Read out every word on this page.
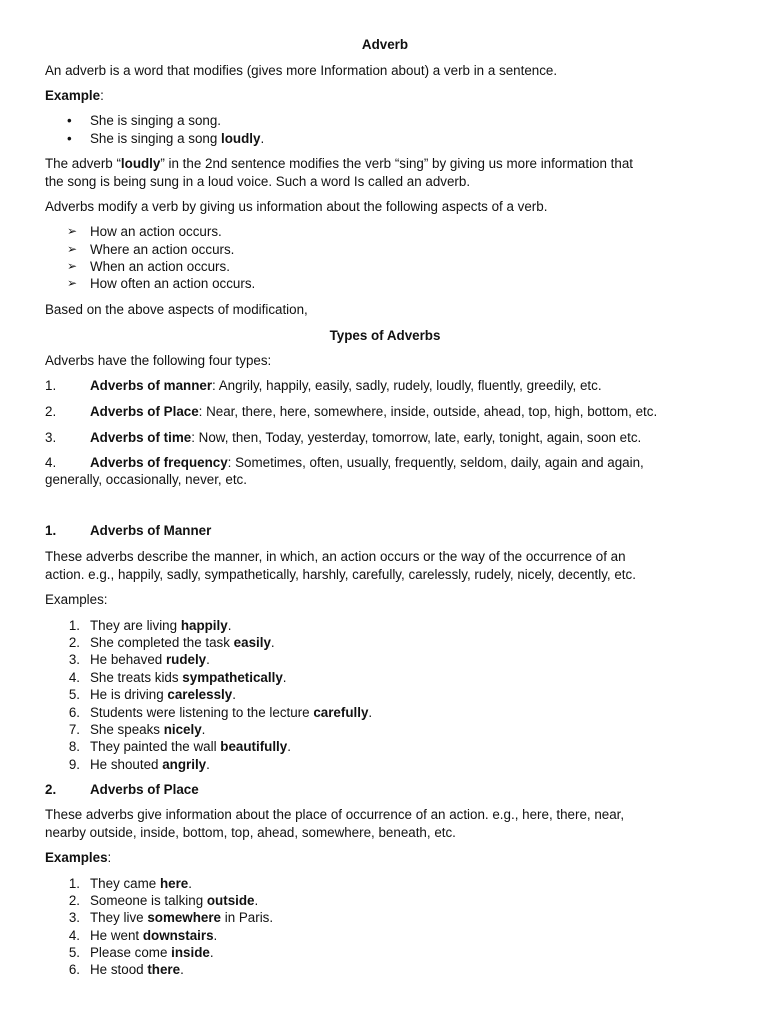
Adverb
An adverb is a word that modifies (gives more Information about) a verb in a sentence.
Example:
• She is singing a song.
• She is singing a song loudly.
The adverb “loudly” in the 2nd sentence modifies the verb “sing” by giving us more information that
the song is being sung in a loud voice. Such a word Is called an adverb.
Adverbs modify a verb by giving us information about the following aspects of a verb.
➢ How an action occurs.
➢ Where an action occurs.
➢ When an action occurs.
➢ How often an action occurs.
Based on the above aspects of modification,
Types of Adverbs
Adverbs have the following four types:
1.	Adverbs of manner: Angrily, happily, easily, sadly, rudely, loudly, fluently, greedily, etc.
2.	Adverbs of Place: Near, there, here, somewhere, inside, outside, ahead, top, high, bottom, etc.
3.	Adverbs of time: Now, then, Today, yesterday, tomorrow, late, early, tonight, again, soon etc.
4.	Adverbs of frequency: Sometimes, often, usually, frequently, seldom, daily, again and again,
generally, occasionally, never, etc.
1.	Adverbs of Manner
These adverbs describe the manner, in which, an action occurs or the way of the occurrence of an
action. e.g., happily, sadly, sympathetically, harshly, carefully, carelessly, rudely, nicely, decently, etc.
Examples:
1. They are living happily.
2. She completed the task easily.
3. He behaved rudely.
4. She treats kids sympathetically.
5. He is driving carelessly.
6. Students were listening to the lecture carefully.
7. She speaks nicely.
8. They painted the wall beautifully.
9. He shouted angrily.
2.	Adverbs of Place
These adverbs give information about the place of occurrence of an action. e.g., here, there, near,
nearby outside, inside, bottom, top, ahead, somewhere, beneath, etc.
Examples:
1. They came here.
2. Someone is talking outside.
3. They live somewhere in Paris.
4. He went downstairs.
5. Please come inside.
6. He stood there.
